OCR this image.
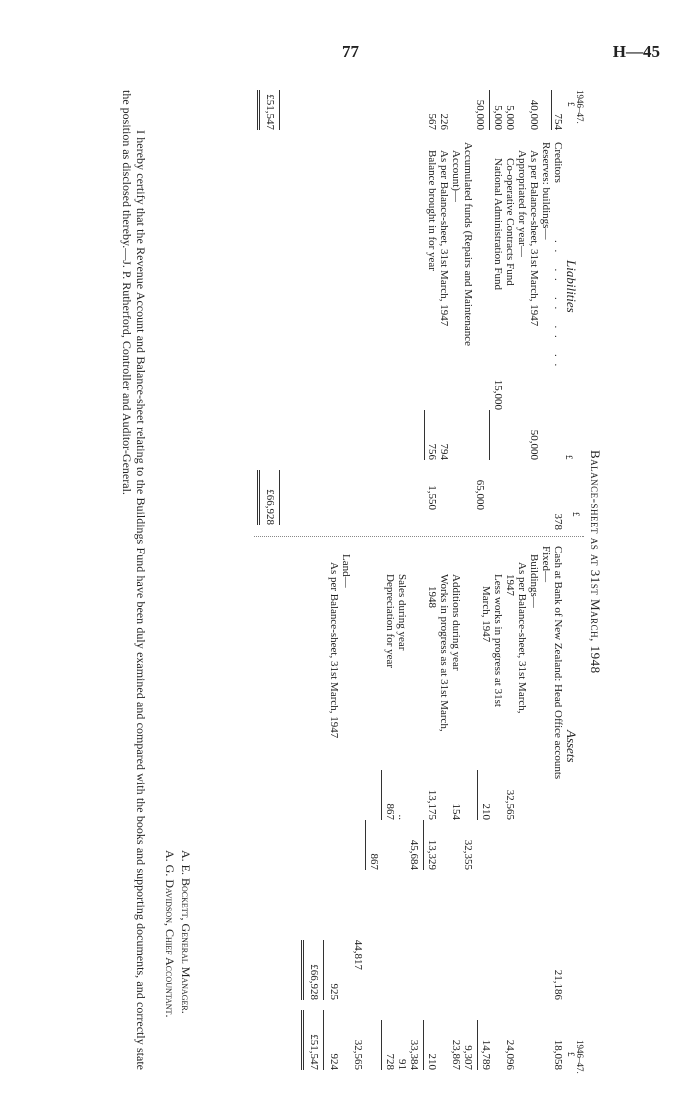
77	H—45
Balance-sheet as at 31st March, 1948
Liabilities
1946–47.
£
£
£
754
Creditors
. .   . .   . .   . .   . .
378
Reserves: buildings—
40,000
As per Balance-sheet, 31st March, 1947
50,000
Appropriated for year—
5,000
Co-operative Contracts Fund
5,000
National Administration Fund
15,000
50,000
65,000
Accumulated funds (Repairs and Maintenance
Account)—
226
As per Balance-sheet, 31st March, 1947
794
567
Balance brought in for year
756
1,550
£51,547
£66,928
Assets
1946–47.
£
Cash at Bank of New Zealand: Head Office accounts
21,186
18,058
Fixed—
Buildings—
As per Balance-sheet, 31st March,
1947
32,565
24,096
Less works in progress at 31st
March, 1947
210
14,789
32,355
9,307
Additions during year
154
23,867
Works in progress as at 31st March,
1948
13,175
13,329
210
45,684
33,384
Sales during year
..
91
Depreciation for year
867
728
867
44,817
32,565
Land—
As per Balance-sheet, 31st March, 1947
925
924
£66,928
£51,547
A. E. Bockett, General Manager.
A. G. Davidson, Chief Accountant.
I hereby certify that the Revenue Account and Balance-sheet relating to the Buildings Fund have been duly examined and compared with the books and supporting documents, and correctly state the position as disclosed thereby.—J. P. Rutherford, Controller and Auditor-General.
